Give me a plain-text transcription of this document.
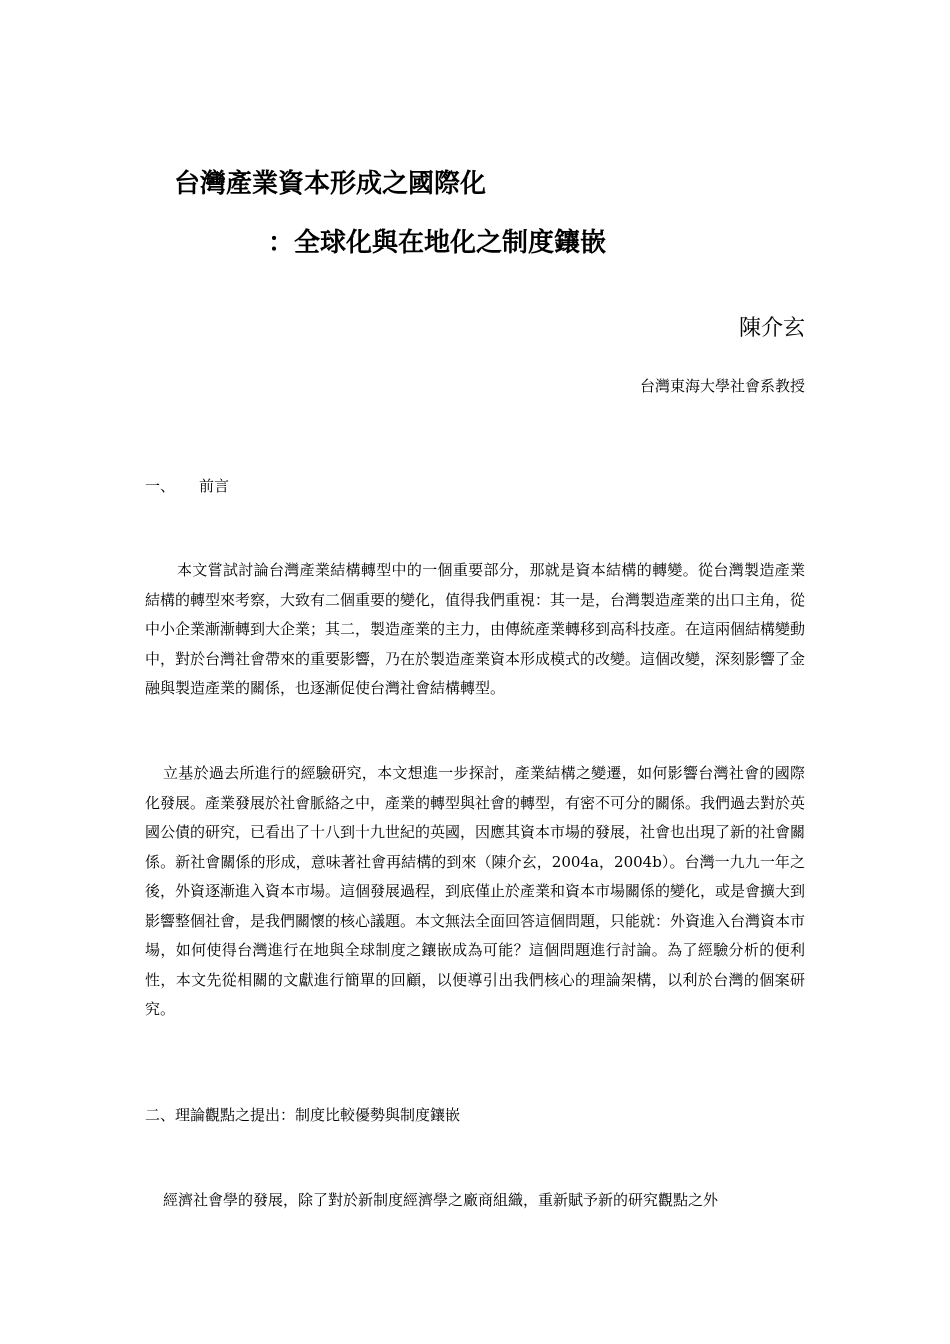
台灣產業資本形成之國際化
：全球化與在地化之制度鑲嵌
陳介玄
台灣東海大學社會系教授
一、 前言

本文嘗試討論台灣產業結構轉型中的一個重要部分，那就是資本結構的轉變。從台灣製造產業結構的轉型來考察，大致有二個重要的變化，值得我們重視：其一是，台灣製造產業的出口主角，從中小企業漸漸轉到大企業；其二，製造產業的主力，由傳統產業轉移到高科技產。在這兩個結構變動中，對於台灣社會帶來的重要影響，乃在於製造產業資本形成模式的改變。這個改變，深刻影響了金融與製造產業的關係，也逐漸促使台灣社會結構轉型。

立基於過去所進行的經驗研究，本文想進一步探討，產業結構之變遷，如何影響台灣社會的國際化發展。產業發展於社會脈絡之中，產業的轉型與社會的轉型，有密不可分的關係。我們過去對於英國公債的研究，已看出了十八到十九世紀的英國，因應其資本市場的發展，社會也出現了新的社會關係。新社會關係的形成，意味著社會再結構的到來（陳介玄，2004a，2004b）。台灣一九九一年之後，外資逐漸進入資本市場。這個發展過程，到底僅止於產業和資本市場關係的變化，或是會擴大到影響整個社會，是我們關懷的核心議題。本文無法全面回答這個問題，只能就：外資進入台灣資本市場，如何使得台灣進行在地與全球制度之鑲嵌成為可能？這個問題進行討論。為了經驗分析的便利性，本文先從相關的文獻進行簡單的回顧，以便導引出我們核心的理論架構，以利於台灣的個案研究。

二、理論觀點之提出：制度比較優勢與制度鑲嵌

經濟社會學的發展，除了對於新制度經濟學之廠商組織，重新賦予新的研究觀點之外
